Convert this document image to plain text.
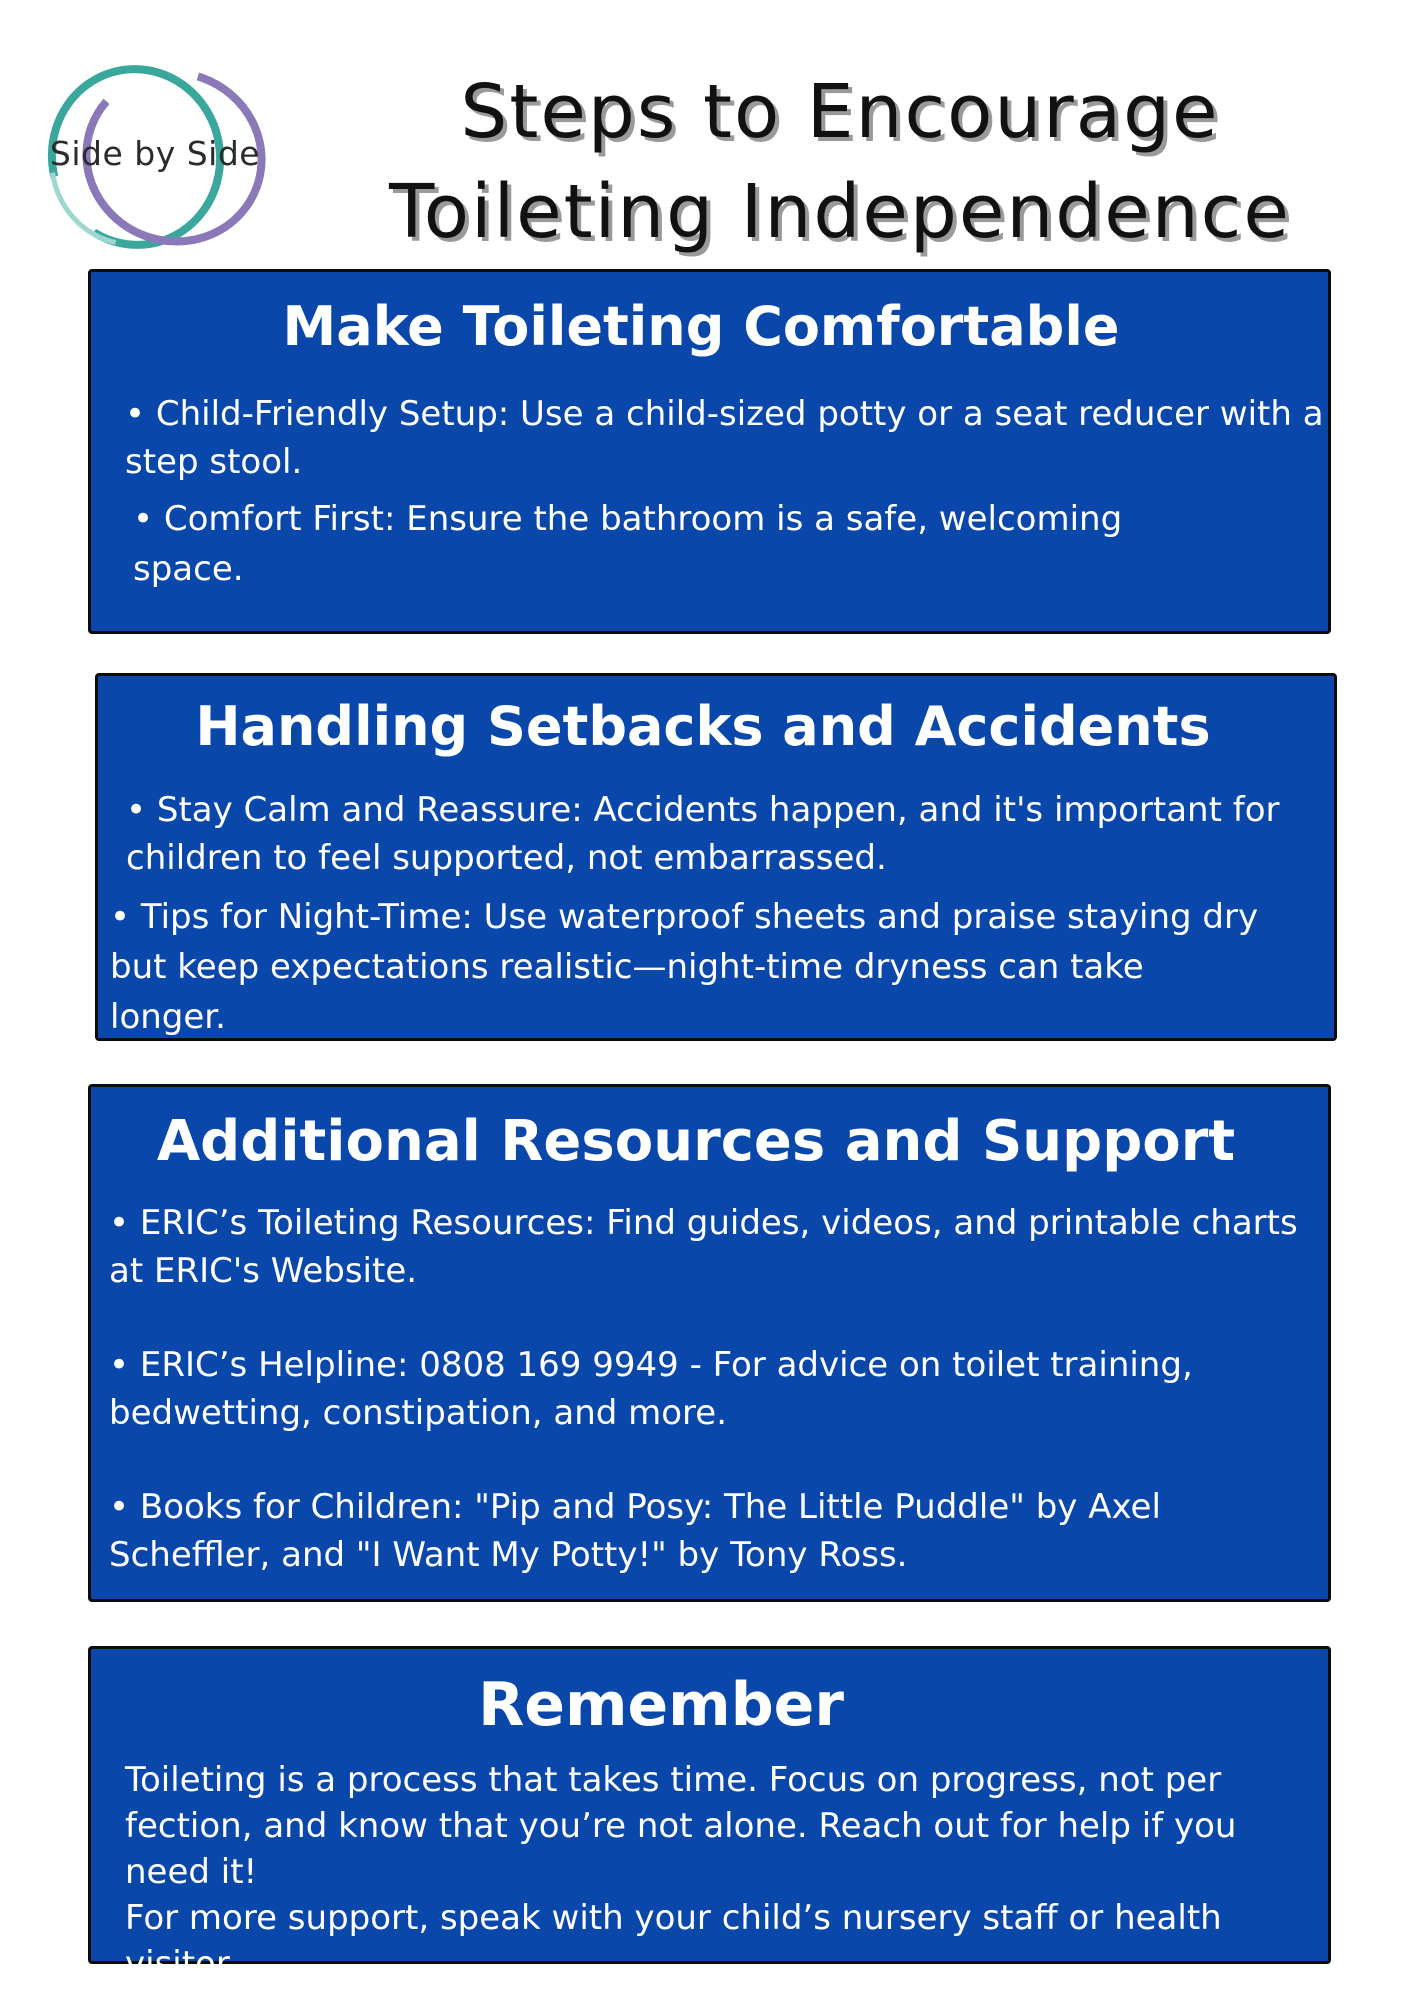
Side by Side	Steps to Encourage
Toileting Independence
Make Toileting Comfortable

• Child-Friendly Setup: Use a child-sized potty or a seat reducer with a step stool.

• Comfort First: Ensure the bathroom is a safe, welcoming space.

Handling Setbacks and Accidents

• Stay Calm and Reassure: Accidents happen, and it's important for children to feel supported, not embarrassed.

• Tips for Night-Time: Use waterproof sheets and praise staying dry but keep expectations realistic—night-time dryness can take longer.

Additional Resources and Support

• ERIC’s Toileting Resources: Find guides, videos, and printable charts at ERIC's Website.

• ERIC’s Helpline: 0808 169 9949 - For advice on toilet training, bedwetting, constipation, and more.

• Books for Children: "Pip and Posy: The Little Puddle" by Axel Scheffler, and "I Want My Potty!" by Tony Ross.

Remember

Toileting is a process that takes time. Focus on progress, not per fection, and know that you’re not alone. Reach out for help if you need it!

For more support, speak with your child’s nursery staff or health visitor.
